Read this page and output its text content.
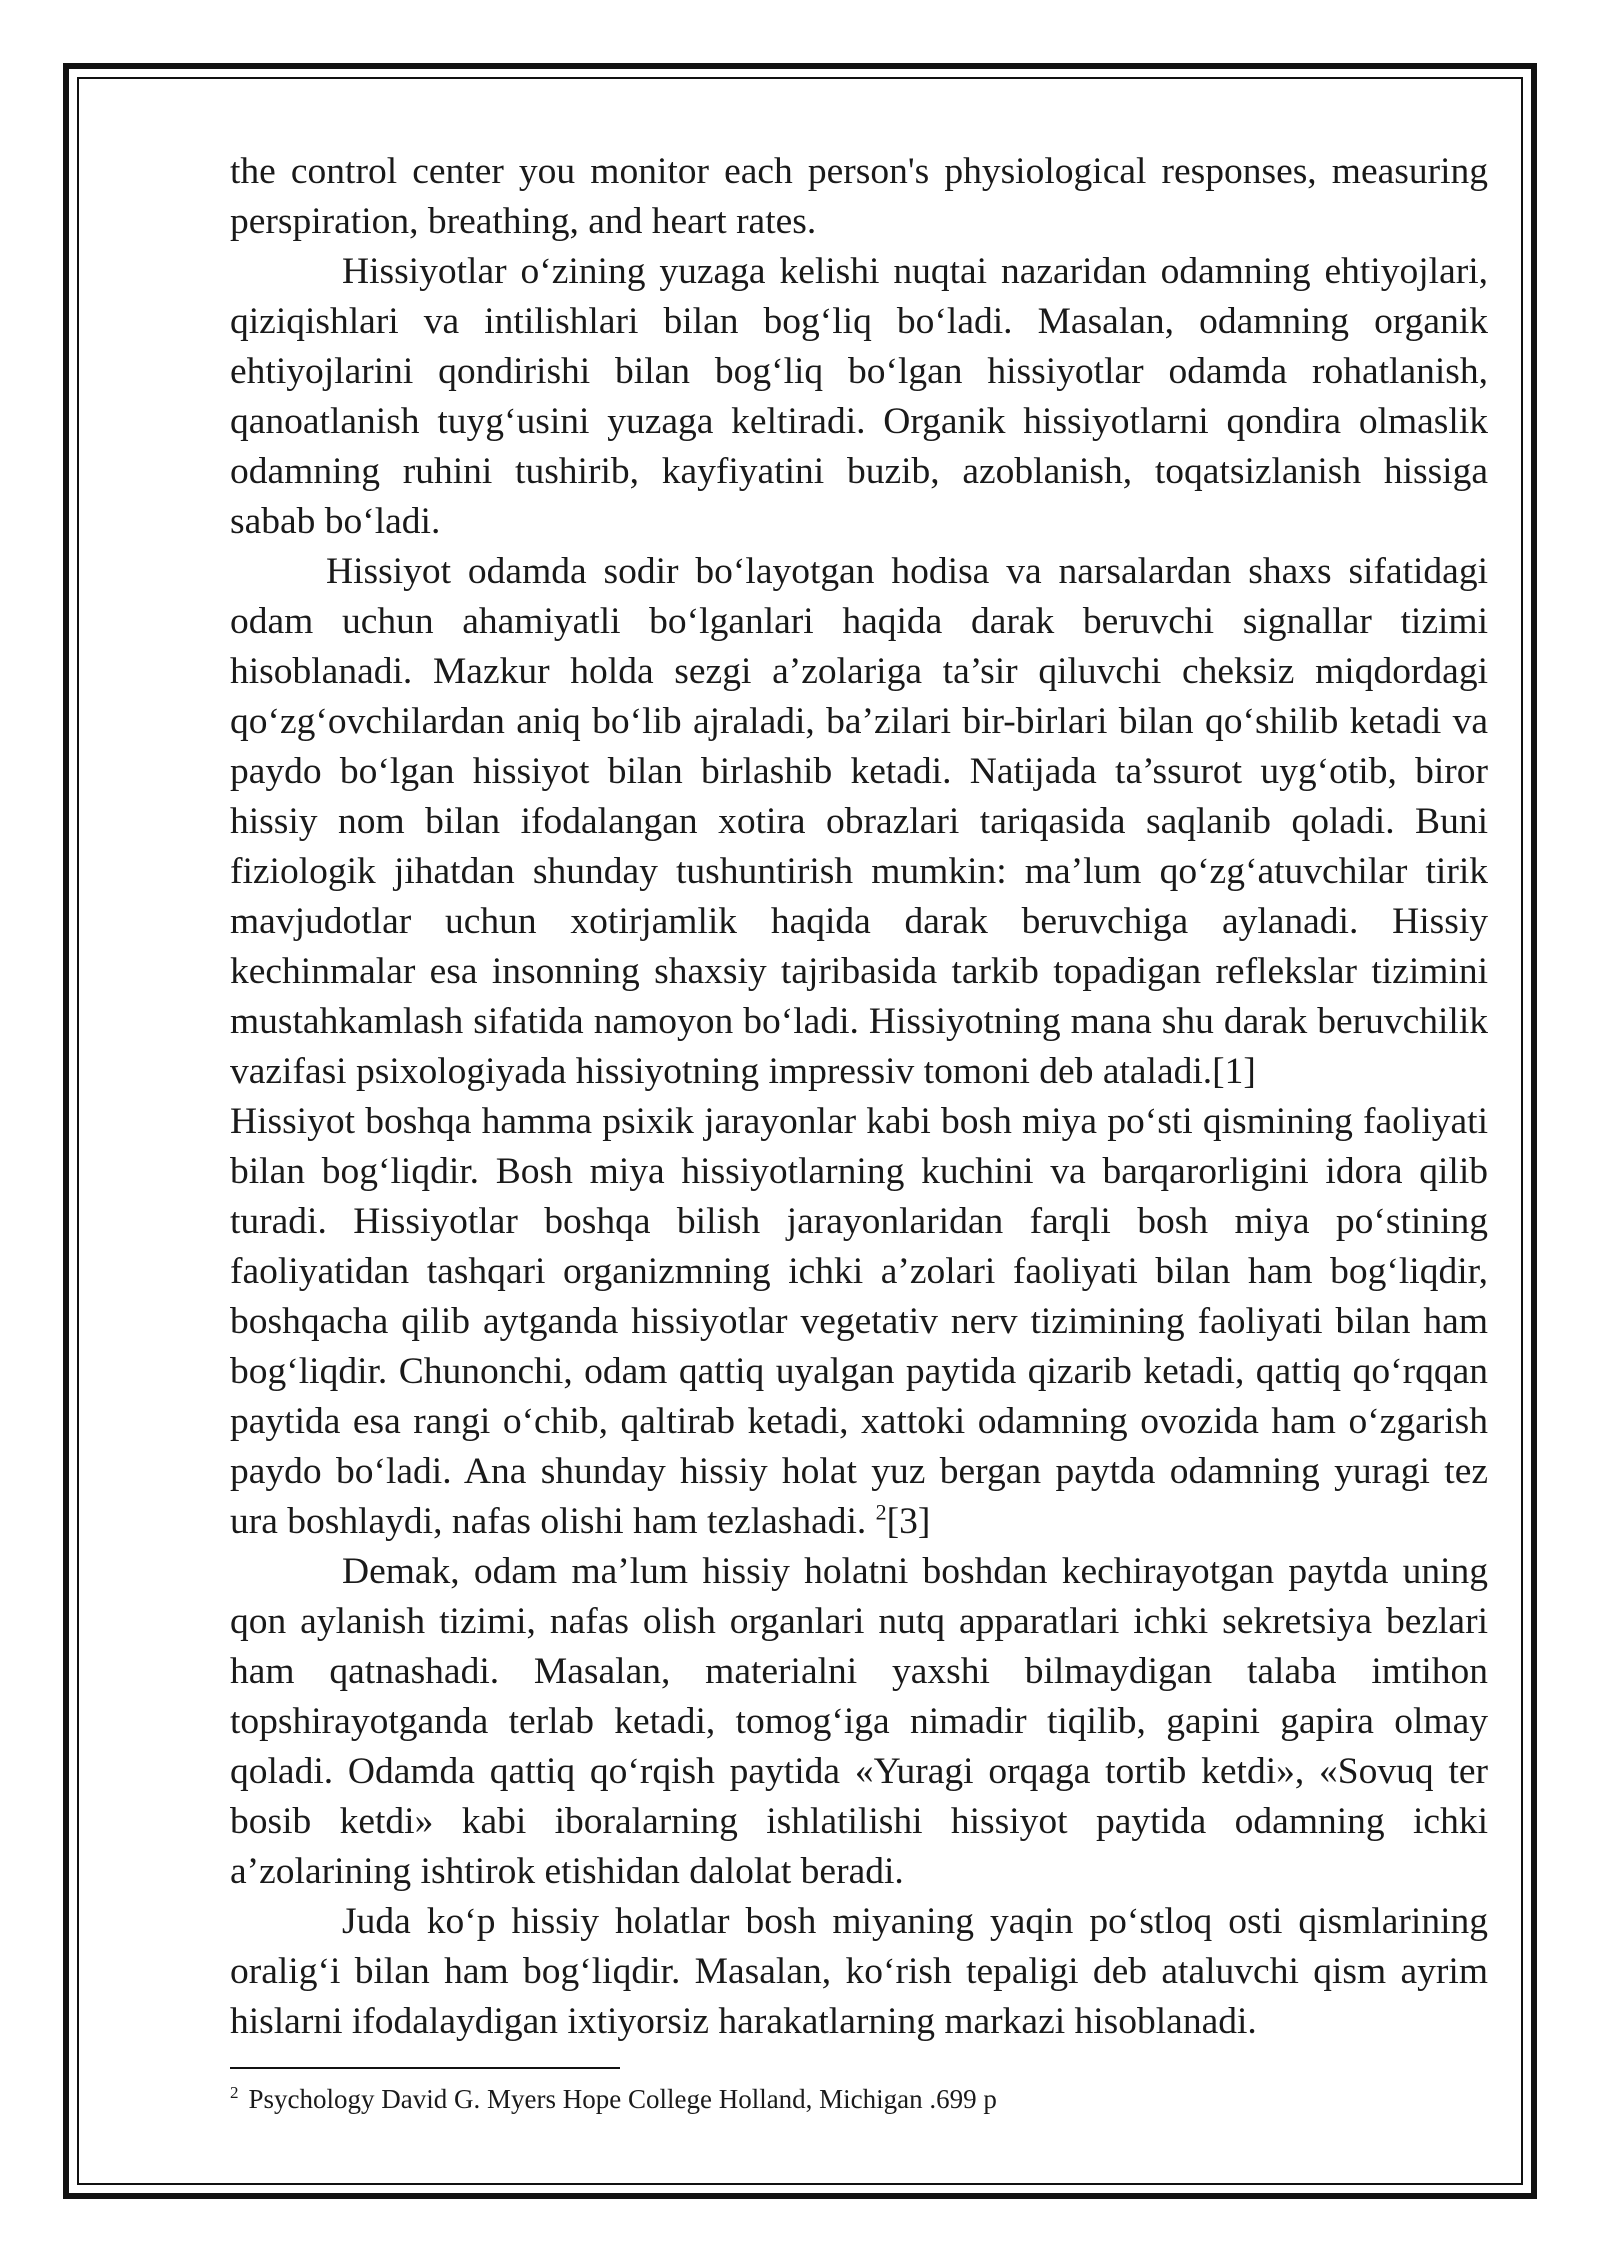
the control center you monitor each person's physiological responses, measuring perspiration, breathing, and heart rates.

Hissiyotlar o‘zining yuzaga kelishi nuqtai nazaridan odamning ehtiyojlari, qiziqishlari va intilishlari bilan bog‘liq bo‘ladi. Masalan, odamning organik ehtiyojlarini qondirishi bilan bog‘liq bo‘lgan hissiyotlar odamda rohatlanish, qanoatlanish tuyg‘usini yuzaga keltiradi. Organik hissiyotlarni qondira olmaslik odamning ruhini tushirib, kayfiyatini buzib, azoblanish, toqatsizlanish hissiga sabab bo‘ladi.

Hissiyot odamda sodir bo‘layotgan hodisa va narsalardan shaxs sifatidagi odam uchun ahamiyatli bo‘lganlari haqida darak beruvchi signallar tizimi hisoblanadi. Mazkur holda sezgi a’zolariga ta’sir qiluvchi cheksiz miqdordagi qo‘zg‘ovchilardan aniq bo‘lib ajraladi, ba’zilari bir-birlari bilan qo‘shilib ketadi va paydo bo‘lgan hissiyot bilan birlashib ketadi. Natijada ta’ssurot uyg‘otib, biror hissiy nom bilan ifodalangan xotira obrazlari tariqasida saqlanib qoladi. Buni fiziologik jihatdan shunday tushuntirish mumkin: ma’lum qo‘zg‘atuvchilar tirik mavjudotlar uchun xotirjamlik haqida darak beruvchiga aylanadi. Hissiy kechinmalar esa insonning shaxsiy tajribasida tarkib topadigan reflekslar tizimini mustahkamlash sifatida namoyon bo‘ladi. Hissiyotning mana shu darak beruvchilik vazifasi psixologiyada hissiyotning impressiv tomoni deb ataladi.[1]

Hissiyot boshqa hamma psixik jarayonlar kabi bosh miya po‘sti qismining faoliyati bilan bog‘liqdir. Bosh miya hissiyotlarning kuchini va barqarorligini idora qilib turadi. Hissiyotlar boshqa bilish jarayonlaridan farqli bosh miya po‘stining faoliyatidan tashqari organizmning ichki a’zolari faoliyati bilan ham bog‘liqdir, boshqacha qilib aytganda hissiyotlar vegetativ nerv tizimining faoliyati bilan ham bog‘liqdir. Chunonchi, odam qattiq uyalgan paytida qizarib ketadi, qattiq qo‘rqqan paytida esa rangi o‘chib, qaltirab ketadi, xattoki odamning ovozida ham o‘zgarish paydo bo‘ladi. Ana shunday hissiy holat yuz bergan paytda odamning yuragi tez ura boshlaydi, nafas olishi ham tezlashadi. $^2$[3]

Demak, odam ma’lum hissiy holatni boshdan kechirayotgan paytda uning qon aylanish tizimi, nafas olish organlari nutq apparatlari ichki sekretsiya bezlari ham qatnashadi. Masalan, materialni yaxshi bilmaydigan talaba imtihon topshirayotganda terlab ketadi, tomog‘iga nimadir tiqilib, gapini gapira olmay qoladi. Odamda qattiq qo‘rqish paytida «Yuragi orqaga tortib ketdi», «Sovuq ter bosib ketdi» kabi iboralarning ishlatilishi hissiyot paytida odamning ichki a’zolarining ishtirok etishidan dalolat beradi.

Juda ko‘p hissiy holatlar bosh miyaning yaqin po‘stloq osti qismlarining oralig‘i bilan ham bog‘liqdir. Masalan, ko‘rish tepaligi deb ataluvchi qism ayrim hislarni ifodalaydigan ixtiyorsiz harakatlarning markazi hisoblanadi.

$^2$ Psychology David G. Myers Hope College Holland, Michigan .699 p
